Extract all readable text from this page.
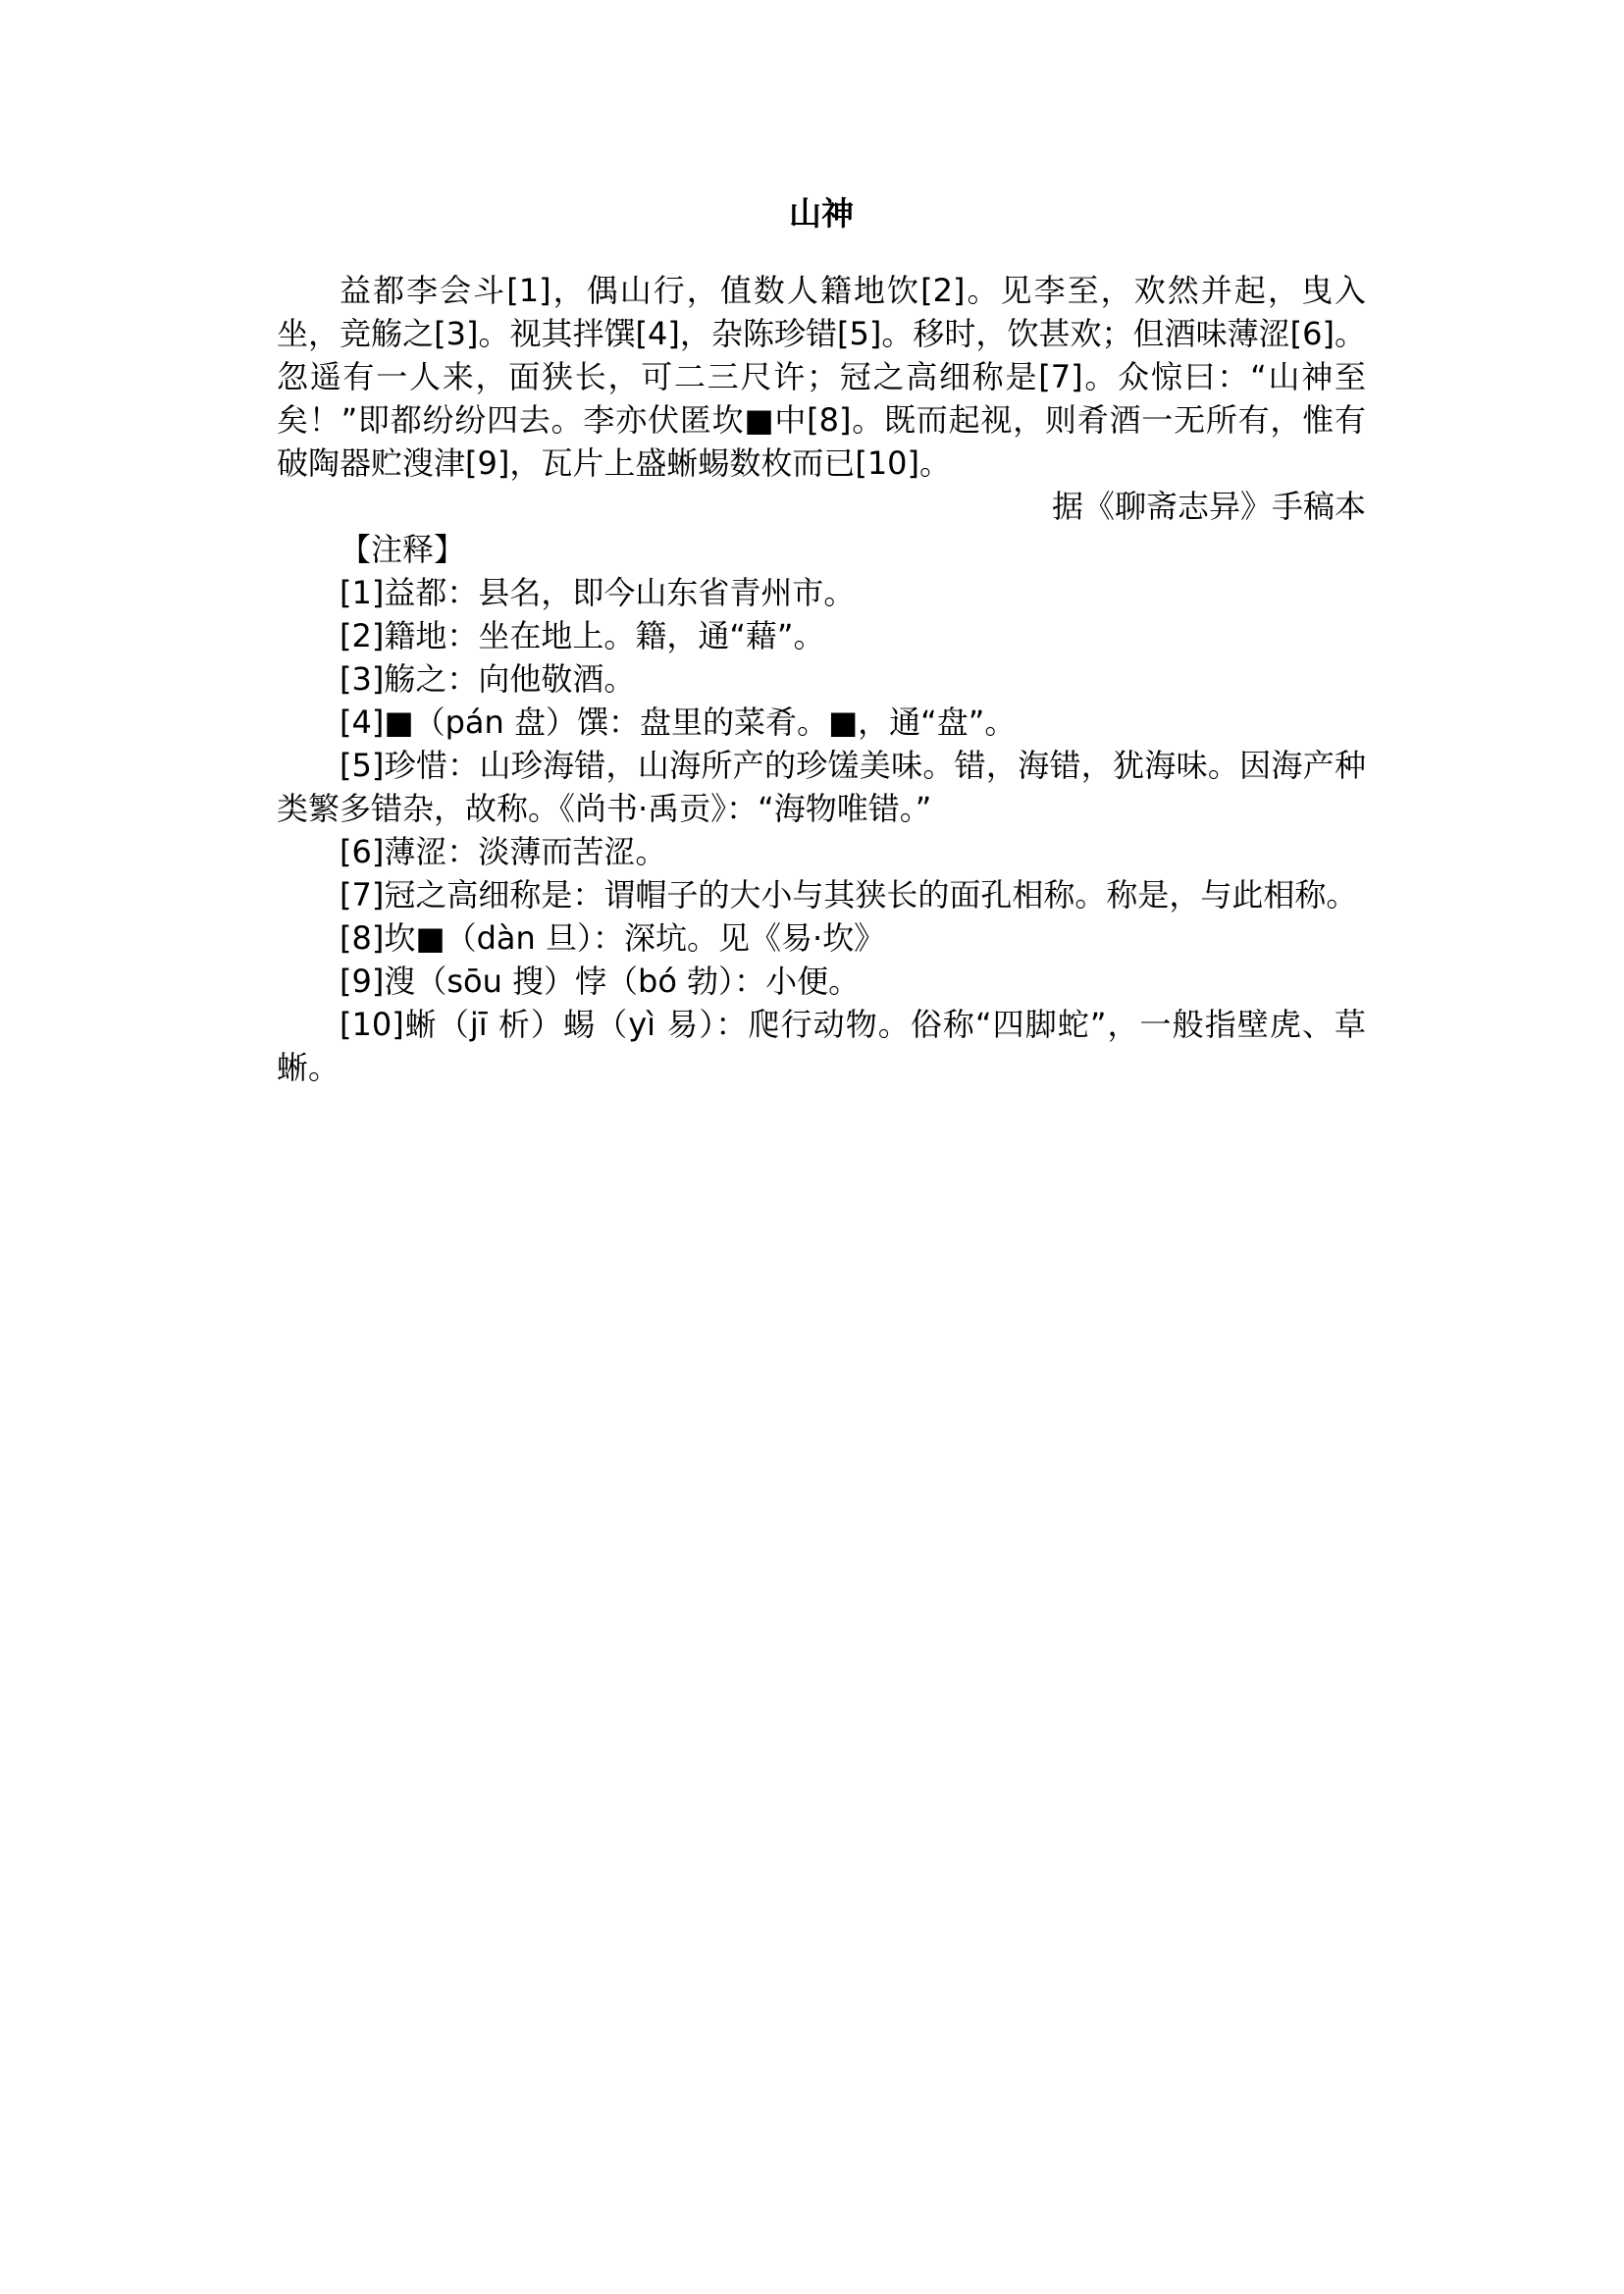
山神

益都李会斗[1]，偶山行，值数人籍地饮[2]。见李至，欢然并起，曳入坐，竞觞之[3]。视其拌馔[4]，杂陈珍错[5]。移时，饮甚欢；但酒味薄涩[6]。忽遥有一人来，面狭长，可二三尺许；冠之高细称是[7]。众惊曰：“山神至矣！”即都纷纷四去。李亦伏匿坎■中[8]。既而起视，则肴酒一无所有，惟有破陶器贮溲津[9]，瓦片上盛蜥蜴数枚而已[10]。

据《聊斋志异》手稿本

【注释】

[1]益都：县名，即今山东省青州市。

[2]籍地：坐在地上。籍，通“藉”。

[3]觞之：向他敬酒。

[4]■（pán 盘）馔：盘里的菜肴。■，通“盘”。

[5]珍惜：山珍海错，山海所产的珍馐美味。错，海错，犹海味。因海产种类繁多错杂，故称。《尚书·禹贡》：“海物唯错。”

[6]薄涩：淡薄而苦涩。

[7]冠之高细称是：谓帽子的大小与其狭长的面孔相称。称是，与此相称。

[8]坎■（dàn 旦）：深坑。见《易·坎》

[9]溲（sōu 搜）悖（bó 勃）：小便。

[10]蜥（jī 析）蜴（yì 易）：爬行动物。俗称“四脚蛇”，一般指壁虎、草蜥。
